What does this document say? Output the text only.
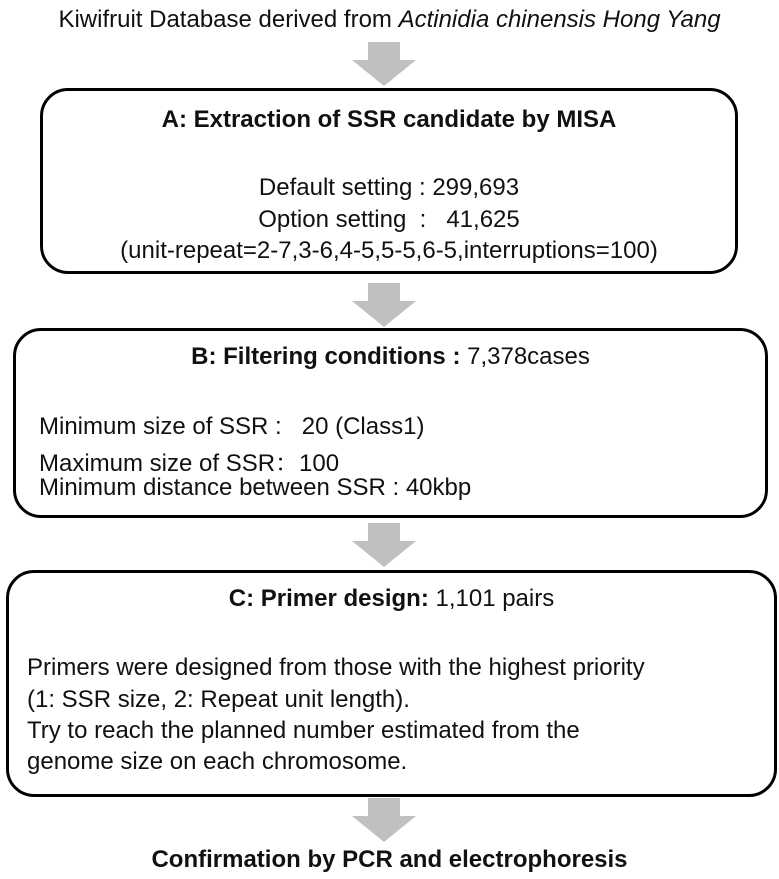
Kiwifruit Database derived from Actinidia chinensis Hong Yang
A: Extraction of SSR candidate by MISA
Default setting : 299,693
Option setting  :   41,625
(unit-repeat=2-7,3-6,4-5,5-5,6-5,interruptions=100)
B: Filtering conditions : 7,378cases
Minimum size of SSR :   20 (Class1)
Maximum size of SSR：100
Minimum distance between SSR : 40kbp
C: Primer design: 1,101 pairs
Primers were designed from those with the highest priority
(1: SSR size, 2: Repeat unit length).
Try to reach the planned number estimated from the
genome size on each chromosome.
Confirmation by PCR and electrophoresis
